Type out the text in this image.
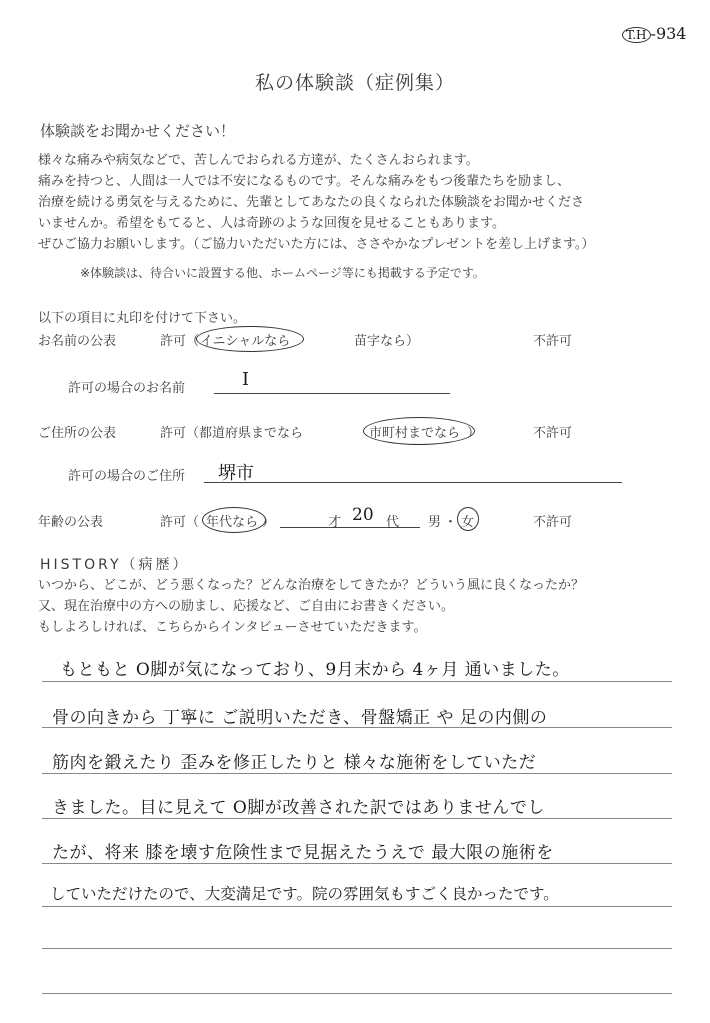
T.H -934
私の体験談（症例集）
体験談をお聞かせください！
様々な痛みや病気などで、苦しんでおられる方達が、たくさんおられます。
痛みを持つと、人間は一人では不安になるものです。そんな痛みをもつ後輩たちを励まし、
治療を続ける勇気を与えるために、先輩としてあなたの良くなられた体験談をお聞かせくださ
いませんか。希望をもてると、人は奇跡のような回復を見せることもあります。
ぜひご協力お願いします。（ご協力いただいた方には、ささやかなプレゼントを差し上げます。）
※体験談は、待合いに設置する他、ホームページ等にも掲載する予定です。
以下の項目に丸印を付けて下さい。
お名前の公表	許可（ イニシャルなら	苗字なら）	不許可
許可の場合のお名前	I
ご住所の公表	許可（都道府県までなら	市町村までなら ）	不許可
許可の場合のご住所 堺市
年齢の公表	許可（ 年代なら ）	才 20 代 男 ・ 女	不許可
HISTORY（病歴）
いつから、どこが、どう悪くなった？どんな治療をしてきたか？どういう風に良くなったか？
又、現在治療中の方への励まし、応援など、ご自由にお書きください。
もしよろしければ、こちらからインタビューさせていただきます。
もともと O脚が気になっており、9月末から 4ヶ月 通いました。
骨の向きから 丁寧に ご説明いただき、骨盤矯正 や 足の内側の
筋肉を鍛えたり 歪みを修正したりと 様々な施術をしていただ
きました。目に見えて O脚が改善された訳ではありませんでし
たが、将来 膝を壊す危険性まで見据えたうえで 最大限の施術を
していただけたので、大変満足です。院の雰囲気もすごく良かったです。
